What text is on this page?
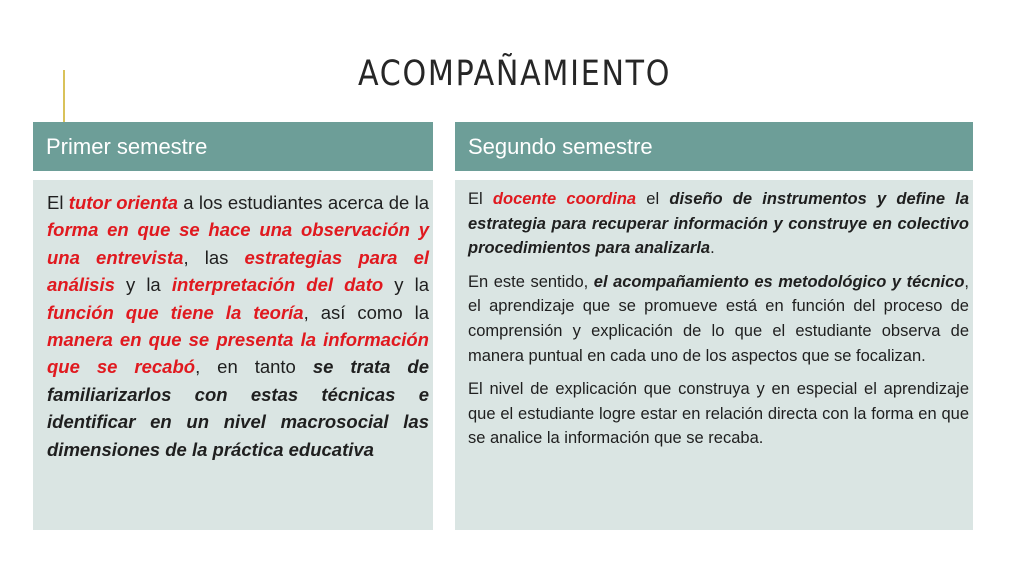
ACOMPAÑAMIENTO
Primer semestre	Segundo semestre
El tutor orienta a los estudiantes acerca de la forma en que se hace una observación y una entrevista, las estrategias para el análisis y la interpretación del dato y la función que tiene la teoría, así como la manera en que se presenta la información que se recabó, en tanto se trata de familiarizarlos con estas técnicas e identificar en un nivel macrosocial las dimensiones de la práctica educativa

El docente coordina el diseño de instrumentos y define la estrategia para recuperar información y construye en colectivo procedimientos para analizarla.

En este sentido, el acompañamiento es metodológico y técnico, el aprendizaje que se promueve está en función del proceso de comprensión y explicación de lo que el estudiante observa de manera puntual en cada uno de los aspectos que se focalizan.

El nivel de explicación que construya y en especial el aprendizaje que el estudiante logre estar en relación directa con la forma en que se analice la información que se recaba.
